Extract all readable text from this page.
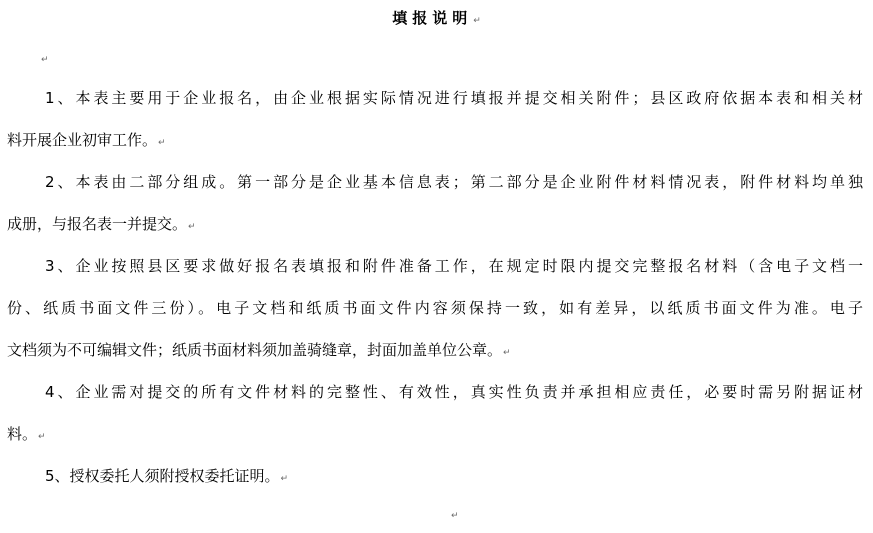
填报说明↵
↵

1、本表主要用于企业报名，由企业根据实际情况进行填报并提交相关附件；县区政府依据本表和相关材
料开展企业初审工作。↵

2、本表由二部分组成。第一部分是企业基本信息表；第二部分是企业附件材料情况表，附件材料均单独
成册，与报名表一并提交。↵

3、企业按照县区要求做好报名表填报和附件准备工作，在规定时限内提交完整报名材料（含电子文档一
份、纸质书面文件三份）。电子文档和纸质书面文件内容须保持一致，如有差异，以纸质书面文件为准。电子
文档须为不可编辑文件；纸质书面材料须加盖骑缝章，封面加盖单位公章。↵

4、企业需对提交的所有文件材料的完整性、有效性，真实性负责并承担相应责任，必要时需另附据证材
料。↵

5、授权委托人须附授权委托证明。↵

↵
